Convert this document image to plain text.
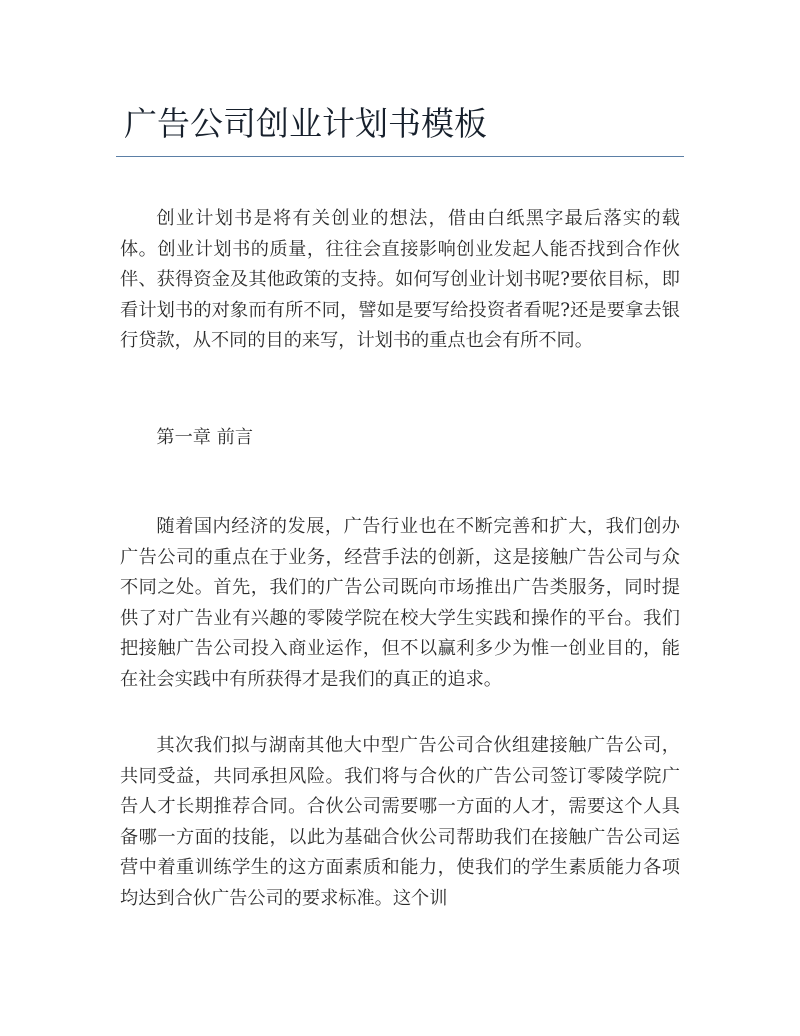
广告公司创业计划书模板

创业计划书是将有关创业的想法，借由白纸黑字最后落实的载体。创业计划书的质量，往往会直接影响创业发起人能否找到合作伙伴、获得资金及其他政策的支持。如何写创业计划书呢?要依目标，即看计划书的对象而有所不同，譬如是要写给投资者看呢?还是要拿去银行贷款，从不同的目的来写，计划书的重点也会有所不同。

第一章 前言

随着国内经济的发展，广告行业也在不断完善和扩大，我们创办广告公司的重点在于业务，经营手法的创新，这是接触广告公司与众不同之处。首先，我们的广告公司既向市场推出广告类服务，同时提供了对广告业有兴趣的零陵学院在校大学生实践和操作的平台。我们把接触广告公司投入商业运作，但不以赢利多少为惟一创业目的，能在社会实践中有所获得才是我们的真正的追求。

其次我们拟与湖南其他大中型广告公司合伙组建接触广告公司，共同受益，共同承担风险。我们将与合伙的广告公司签订零陵学院广告人才长期推荐合同。合伙公司需要哪一方面的人才，需要这个人具备哪一方面的技能，以此为基础合伙公司帮助我们在接触广告公司运营中着重训练学生的这方面素质和能力，使我们的学生素质能力各项均达到合伙广告公司的要求标准。这个训
